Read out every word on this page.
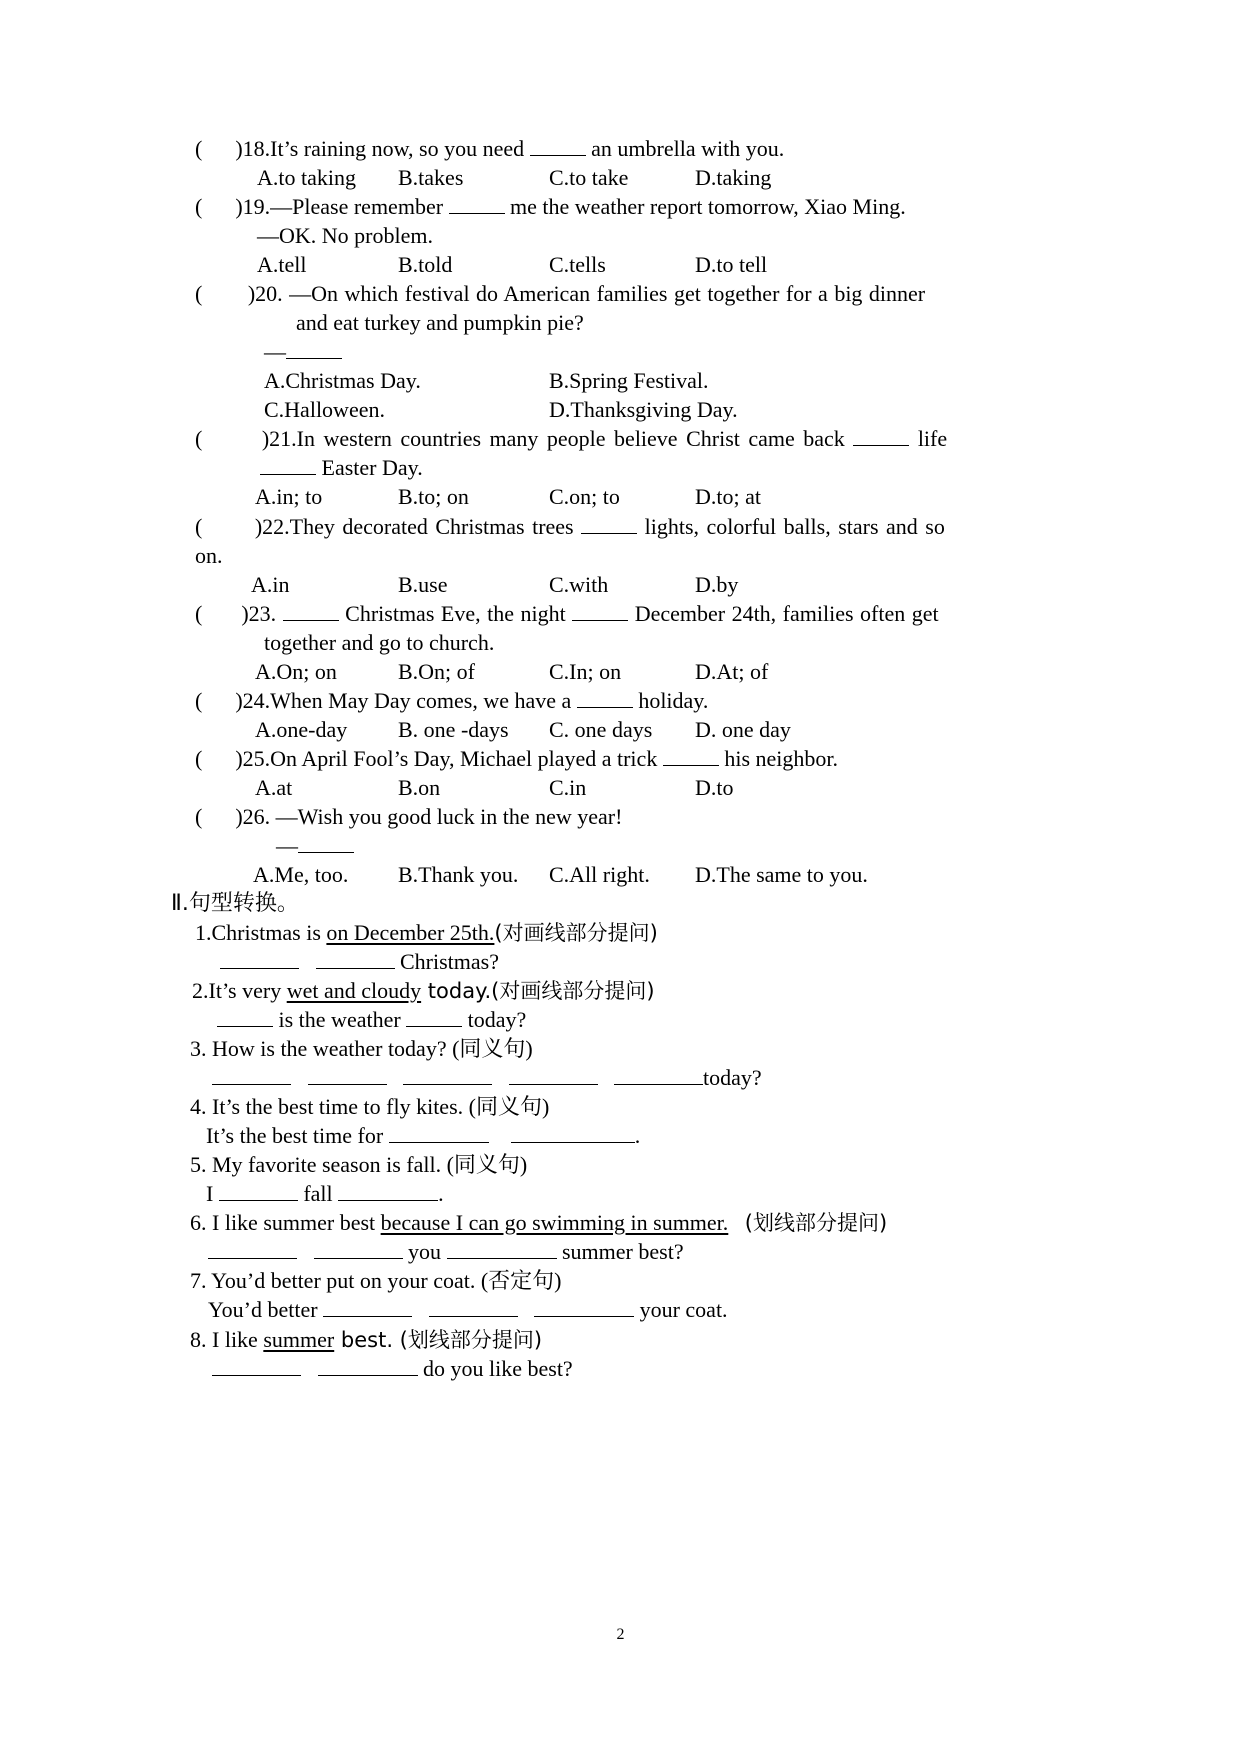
( )18.It’s raining now, so you need	an umbrella with you.
A.to taking B.takes	C.to take	D.taking
( )19.—Please remember	me the weather report tomorrow, Xiao Ming.
—OK. No problem.
A.tell	B.told	C.tells	D.to tell
( )20. —On which festival do American families get together for a big dinner
and eat turkey and pumpkin pie?
—
A.Christmas Day.	B.Spring Festival.
C.Halloween.	D.Thanksgiving Day.
(	)21.In western countries many people believe Christ came back	life
Easter Day.
A.in; to	B.to; on	C.on; to	D.to; at
( )22.They decorated Christmas trees	lights, colorful balls, stars and so
on.
A.in	B.use	C.with	D.by
( )23.	Christmas Eve, the night	December 24th, families often get
together and go to church.
A.On; on	B.On; of	C.In; on	D.At; of
( )24.When May Day comes, we have a	holiday.
A.one-day B. one -days C. one days D. one day
( )25.On April Fool’s Day, Michael played a trick	his neighbor.
A.at	B.on	C.in	D.to
( )26. —Wish you good luck in the new year!
—
A.Me, too. B.Thank you. C.All right. D.The same to you.
Ⅱ.句型转换。
1.Christmas is on December 25th.(对画线部分提问)
Christmas?
2.It’s very wet and cloudy today.(对画线部分提问)
is the weather	today?
3. How is the weather today? (同义句)
today?
4. It’s the best time to fly kites. (同义句)
It’s the best time for	.
5. My favorite season is fall. (同义句)
I	fall	.
6. I like summer best because I can go swimming in summer. (划线部分提问)
you	summer best?
7. You’d better put on your coat. (否定句)
You’d better	your coat.
8. I like summer best. (划线部分提问)
do you like best?
2
